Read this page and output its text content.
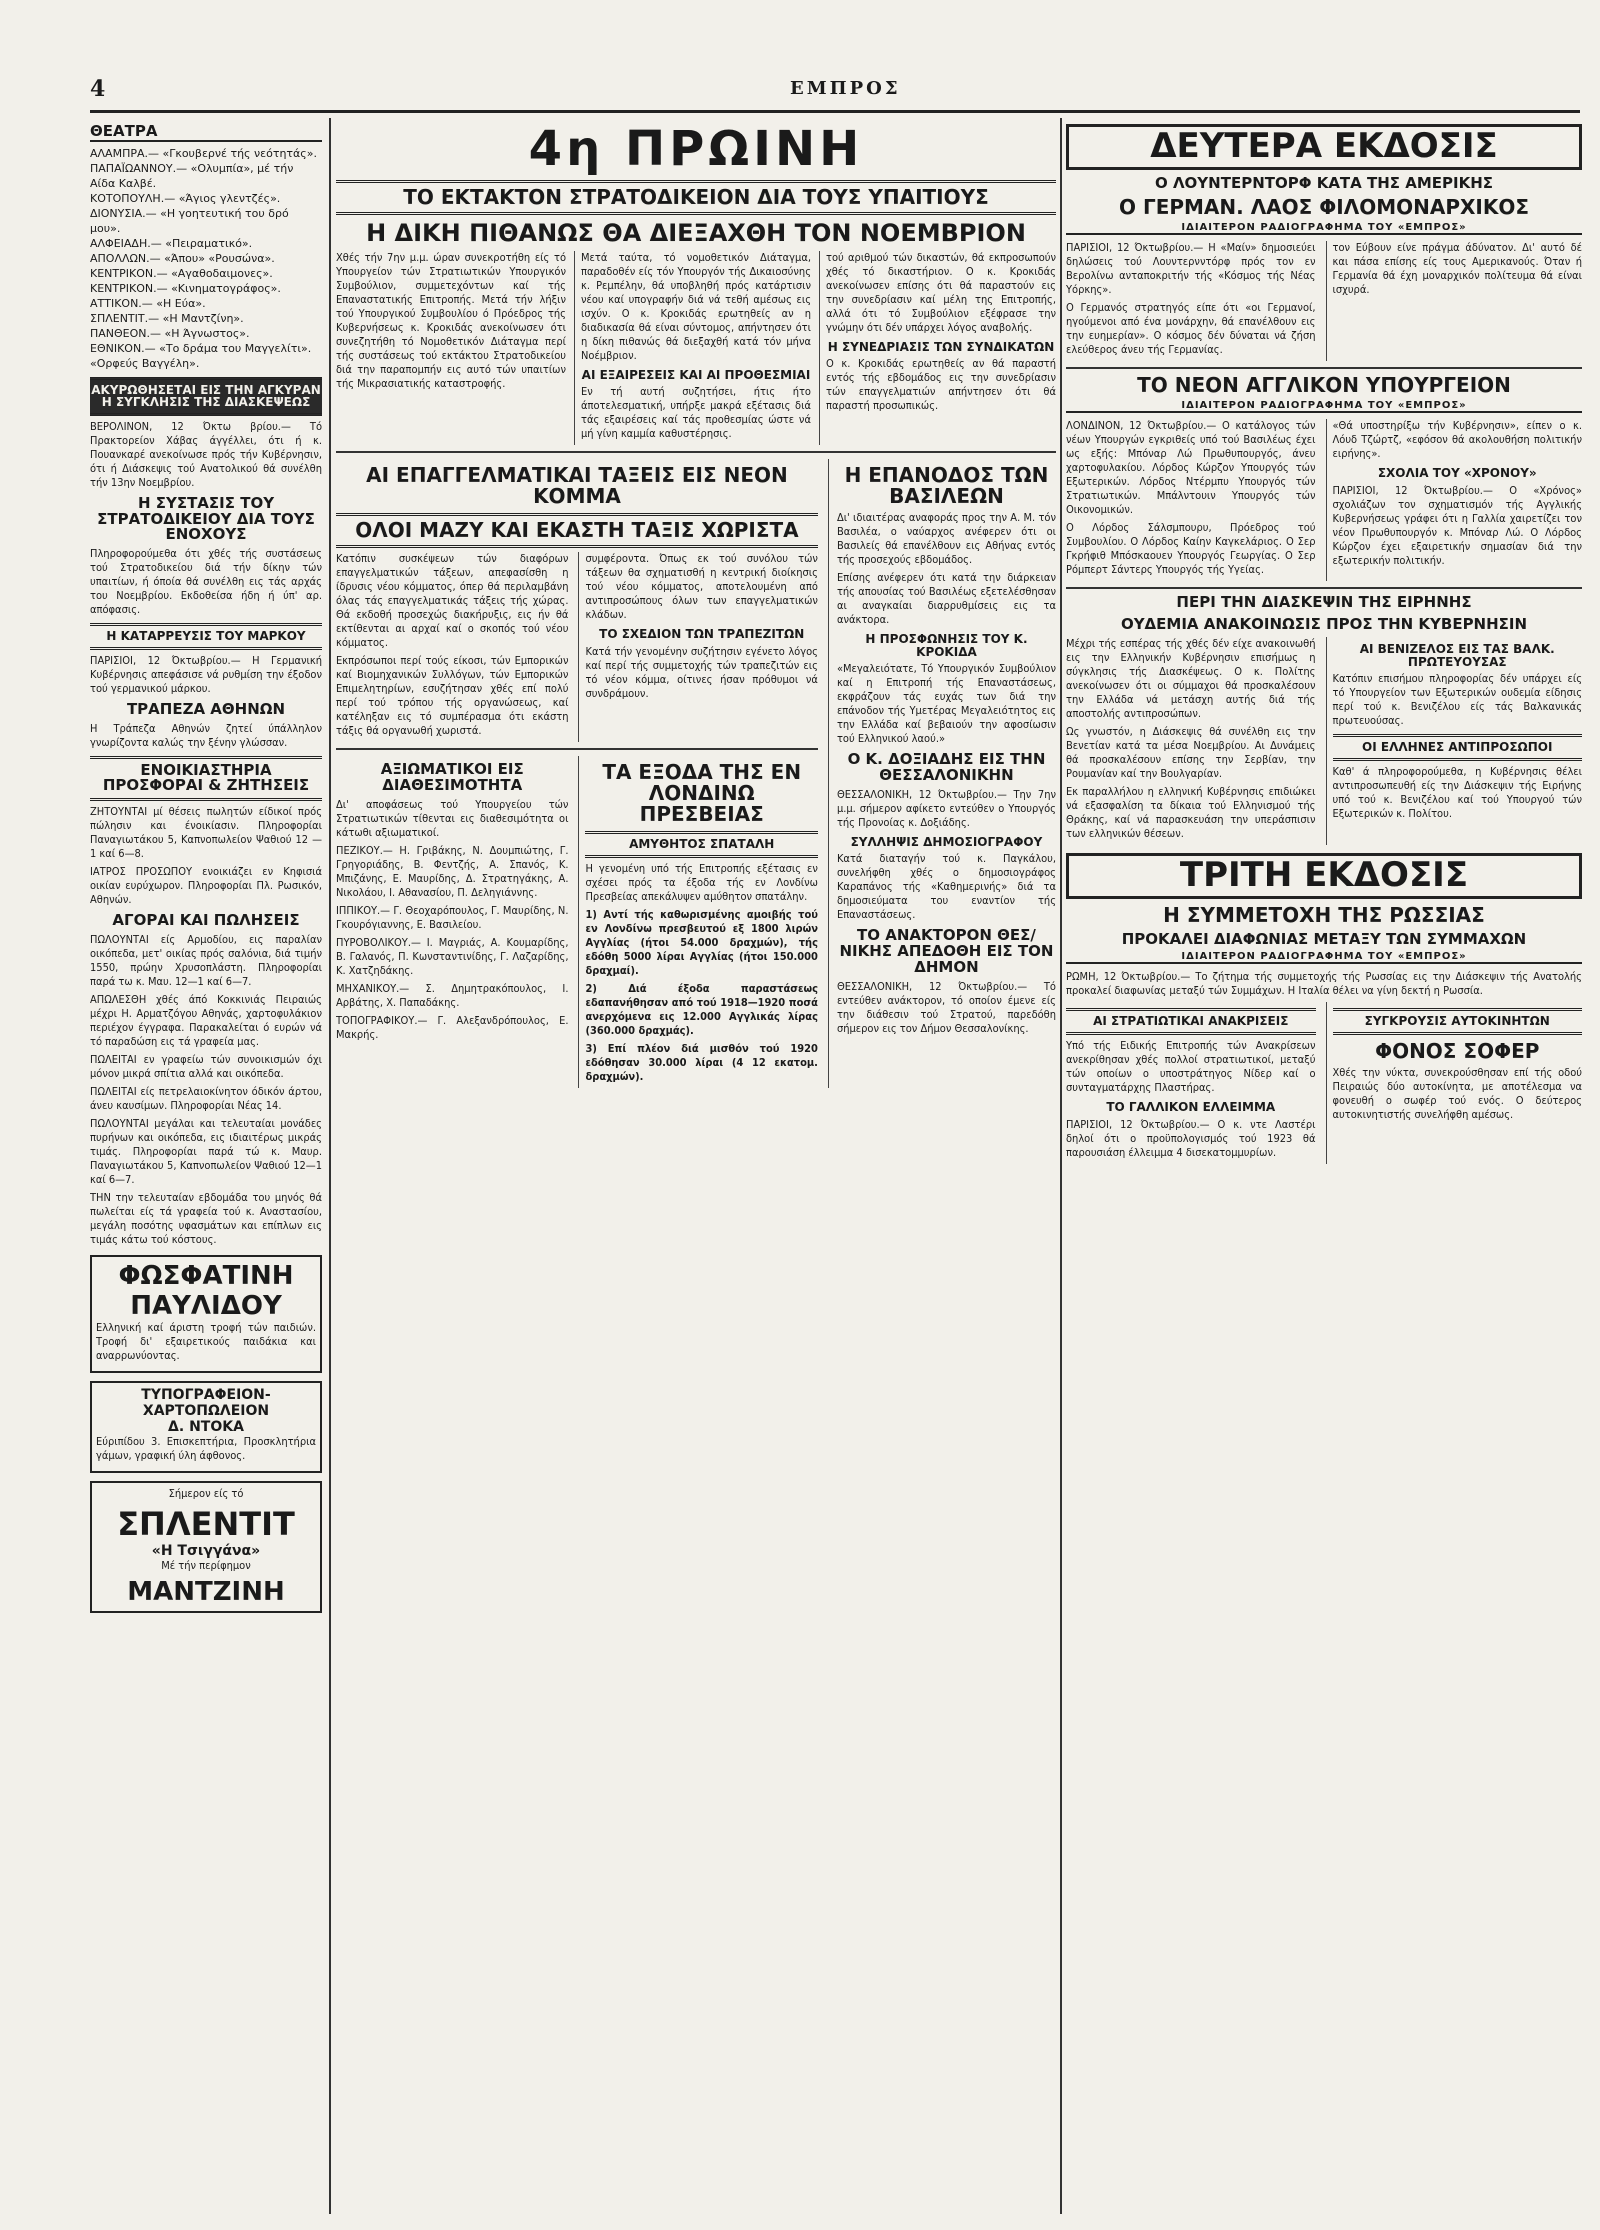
4	ΕΜΠΡΟΣ
ΘΕΑΤΡΑ

ΑΛΑΜΠΡΑ.— «Γκουβερνέ τής νεότητάς».

ΠΑΠΑΪΩΑΝΝΟΥ.— «Ολυμπία», μέ τήν Αίδα Καλβέ.

ΚΟΤΟΠΟΥΛΗ.— «Άγιος γλεντζές».

ΔΙΟΝΥΣΙΑ.— «Η γοητευτική του δρό μου».

ΑΛΦΕΙΑΔΗ.— «Πειραματικό».

ΑΠΟΛΛΩΝ.— «Άπου» «Ρουσώνα».

ΚΕΝΤΡΙΚΟΝ.— «Αγαθοδαιμονες».

ΚΕΝΤΡΙΚΟΝ.— «Κινηματογράφος».

ΑΤΤΙΚΟΝ.— «Η Εύα».

ΣΠΛΕΝΤΙΤ.— «Η Μαντζίνη».

ΠΑΝΘΕΟΝ.— «Η Άγνωστος».

ΕΘΝΙΚΟΝ.— «Το δράμα του Μαγγελίτι».

«Ορφεύς Βαγγέλη».

ΑΚΥΡΩΘΗΣΕΤΑΙ ΕΙΣ ΤΗΝ ΑΓΚΥΡΑΝ Η ΣΥΓΚΛΗΣΙΣ ΤΗΣ ΔΙΑΣΚΕΨΕΩΣ

ΒΕΡΟΛΙΝΟΝ, 12 Όκτω βρίου.— Τό Πρακτορείον Χάβας άγγέλλει, ότι ή κ. Πουανκαρέ ανεκοίνωσε πρός τήν Κυβέρνησιν, ότι ή Διάσκεψις τού Ανατολικού θά συνέλθη τήν 13ην Νοεμβρίου.

Η ΣΥΣΤΑΣΙΣ ΤΟΥ ΣΤΡΑΤΟΔΙΚΕΙΟΥ ΔΙΑ ΤΟΥΣ ΕΝΟΧΟΥΣ

Πληροφορούμεθα ότι χθές τής συστάσεως τού Στρατοδικείου διά τήν δίκην τών υπαιτίων, ή όποία θά συνέλθη εις τάς αρχάς του Νοεμβρίου. Εκδοθείσα ήδη ή ύπ' αρ. απόφασις.

Η ΚΑΤΑΡΡΕΥΣΙΣ ΤΟΥ ΜΑΡΚΟΥ

ΠΑΡΙΣΙΟΙ, 12 Όκτωβρίου.— Η Γερμανική Κυβέρνησις απεφάσισε νά ρυθμίση την έξοδον τού γερμανικού μάρκου.

ΤΡΑΠΕΖΑ ΑΘΗΝΩΝ

Η Τράπεζα Αθηνών ζητεί ύπάλληλον γνωρίζοντα καλώς την ξένην γλώσσαν.

ΕΝΟΙΚΙΑΣΤΗΡΙΑ ΠΡΟΣΦΟΡΑΙ & ΖΗΤΗΣΕΙΣ

ΖΗΤΟΥΝΤΑΙ μί θέσεις πωλητών είδικοί πρός πώλησιν και ένοικίασιν. Πληροφορίαι Παναγιωτάκου 5, Καπνοπωλείον Ψαθιού 12 —1 καί 6—8.

ΙΑΤΡΟΣ ΠΡΟΣΩΠΟΥ ενοικιάζει εν Κηφισιά οικίαν ευρύχωρον. Πληροφορίαι Πλ. Ρωσικόν, Αθηνών.

ΑΓΟΡΑΙ ΚΑΙ ΠΩΛΗΣΕΙΣ

ΠΩΛΟΥΝΤΑΙ είς Αρμοδίου, εις παραλίαν οικόπεδα, μετ' οικίας πρός σαλόνια, διά τιμήν 1550, πρώην Χρυσοπλάστη. Πληροφορίαι παρά τω κ. Μαυ. 12—1 καί 6—7.

ΑΠΩΛΕΣΘΗ χθές άπό Κοκκινιάς Πειραιώς μέχρι Η. Αρματζόγου Αθηνάς, χαρτοφυλάκιον περιέχον έγγραφα. Παρακαλείται ό ευρών νά τό παραδώση εις τά γραφεία μας.

ΠΩΛΕΙΤΑΙ εν γραφείω τών συνοικισμών όχι μόνον μικρά σπίτια αλλά και οικόπεδα.

ΠΩΛΕΙΤΑΙ είς πετρελαιοκίνητον όδικόν άρτου, άνευ καυσίμων. Πληροφορίαι Νέας 14.

ΠΩΛΟΥΝΤΑΙ μεγάλαι και τελευταίαι μονάδες πυρήνων και οικόπεδα, εις ιδιαιτέρως μικράς τιμάς. Πληροφορίαι παρά τώ κ. Μαυρ. Παναγιωτάκου 5, Καπνοπωλείον Ψαθιού 12—1 καί 6—7.

ΤΗΝ την τελευταίαν εβδομάδα του μηνός θά πωλείται είς τά γραφεία τού κ. Αναστασίου, μεγάλη ποσότης υφασμάτων και επίπλων εις τιμάς κάτω τού κόστους.

ΦΩΣΦΑΤΙΝΗ
ΠΑΥΛΙΔΟΥ

Ελληνική καί άριστη τροφή τών παιδιών. Τροφή δι' εξαιρετικούς παιδάκια και αναρρωνύοντας.

ΤΥΠΟΓΡΑΦΕΙΟΝ-ΧΑΡΤΟΠΩΛΕΙΟΝ
Δ. ΝΤΟΚΑ

Εύριπίδου 3. Επισκεπτήρια, Προσκλητήρια γάμων, γραφική ύλη άφθονος.

Σήμερον είς τό
ΣΠΛΕΝΤΙΤ
«Η Τσιγγάνα»
Μέ τήν περίφημον
ΜΑΝΤΖΙΝΗ
4η ΠΡΩΙΝΗ
ΤΟ ΕΚΤΑΚΤΟΝ ΣΤΡΑΤΟΔΙΚΕΙΟΝ ΔΙΑ ΤΟΥΣ ΥΠΑΙΤΙΟΥΣ
Η ΔΙΚΗ ΠΙΘΑΝΩΣ ΘΑ ΔΙΕΞΑΧΘΗ ΤΟΝ ΝΟΕΜΒΡΙΟΝ

Χθές τήν 7ην μ.μ. ώραν συνεκροτήθη είς τό Υπουργείον τών Στρατιωτικών Υπουργικόν Συμβούλιον, συμμετεχόντων καί τής Επαναστατικής Επιτροπής. Μετά τήν λήξιν τού Υπουργικού Συμβουλίου ό Πρόεδρος τής Κυβερνήσεως κ. Κροκιδάς ανεκοίνωσεν ότι συνεζητήθη τό Νομοθετικόν Διάταγμα περί τής συστάσεως τού εκτάκτου Στρατοδικείου διά την παραπομπήν εις αυτό τών υπαιτίων τής Μικρασιατικής καταστροφής.

Μετά ταύτα, τό νομοθετικόν Διάταγμα, παραδοθέν είς τόν Υπουργόν τής Δικαιοσύνης κ. Ρεμπέλην, θά υποβληθή πρός κατάρτισιν νέου καί υπογραφήν διά νά τεθή αμέσως εις ισχύν. Ο κ. Κροκιδάς ερωτηθείς αν η διαδικασία θά είναι σύντομος, απήντησεν ότι η δίκη πιθανώς θά διεξαχθή κατά τόν μήνα Νοέμβριον.

ΑΙ ΕΞΑΙΡΕΣΕΙΣ ΚΑΙ ΑΙ ΠΡΟΘΕΣΜΙΑΙ

Εν τή αυτή συζητήσει, ήτις ήτο άποτελεσματική, υπήρξε μακρά εξέτασις διά τάς εξαιρέσεις καί τάς προθεσμίας ώστε νά μή γίνη καμμία καθυστέρησις.

τού αριθμού τών δικαστών, θά εκπροσωπούν χθές τό δικαστήριον. Ο κ. Κροκιδάς ανεκοίνωσεν επίσης ότι θά παραστούν εις την συνεδρίασιν καί μέλη της Επιτροπής, αλλά ότι τό Συμβούλιον εξέφρασε την γνώμην ότι δέν υπάρχει λόγος αναβολής.

Η ΣΥΝΕΔΡΙΑΣΙΣ ΤΩΝ ΣΥΝΔΙΚΑΤΩΝ

Ο κ. Κροκιδάς ερωτηθείς αν θά παραστή εντός τής εβδομάδος εις την συνεδρίασιν τών επαγγελματιών απήντησεν ότι θά παραστή προσωπικώς.

ΑΙ ΕΠΑΓΓΕΛΜΑΤΙΚΑΙ ΤΑΞΕΙΣ ΕΙΣ ΝΕΟΝ ΚΟΜΜΑ
ΟΛΟΙ ΜΑΖΥ ΚΑΙ ΕΚΑΣΤΗ ΤΑΞΙΣ ΧΩΡΙΣΤΑ

Κατόπιν συσκέψεων τών διαφόρων επαγγελματικών τάξεων, απεφασίσθη η ίδρυσις νέου κόμματος, όπερ θά περιλαμβάνη όλας τάς επαγγελματικάς τάξεις τής χώρας. Θά εκδοθή προσεχώς διακήρυξις, εις ήν θά εκτίθενται αι αρχαί καί ο σκοπός τού νέου κόμματος.

Εκπρόσωποι περί τούς είκοσι, τών Εμπορικών καί Βιομηχανικών Συλλόγων, τών Εμπορικών Επιμελητηρίων, εσυζήτησαν χθές επί πολύ περί τού τρόπου τής οργανώσεως, καί κατέληξαν εις τό συμπέρασμα ότι εκάστη τάξις θά οργανωθή χωριστά.

συμφέροντα. Όπως εκ τού συνόλου τών τάξεων θα σχηματισθή η κεντρική διοίκησις τού νέου κόμματος, αποτελουμένη από αντιπροσώπους όλων των επαγγελματικών κλάδων.

ΤΟ ΣΧΕΔΙΟΝ ΤΩΝ ΤΡΑΠΕΖΙΤΩΝ

Κατά τήν γενομένην συζήτησιν εγένετο λόγος καί περί τής συμμετοχής τών τραπεζιτών εις τό νέον κόμμα, οίτινες ήσαν πρόθυμοι νά συνδράμουν.

ΑΞΙΩΜΑΤΙΚΟΙ ΕΙΣ ΔΙΑΘΕΣΙΜΟΤΗΤΑ

Δι' αποφάσεως τού Υπουργείου τών Στρατιωτικών τίθενται εις διαθεσιμότητα οι κάτωθι αξιωματικοί.

ΠΕΖΙΚΟΥ.— Η. Γριβάκης, Ν. Δουμπιώτης, Γ. Γρηγοριάδης, Β. Φεντζής, Α. Σπανός, Κ. Μπιζάνης, Ε. Μαυρίδης, Δ. Στρατηγάκης, Α. Νικολάου, Ι. Αθανασίου, Π. Δεληγιάννης.

ΙΠΠΙΚΟΥ.— Γ. Θεοχαρόπουλος, Γ. Μαυρίδης, Ν. Γκουρόγιαννης, Ε. Βασιλείου.

ΠΥΡΟΒΟΛΙΚΟΥ.— Ι. Μαγριάς, Α. Κουμαρίδης, Β. Γαλανός, Π. Κωνσταντινίδης, Γ. Λαζαρίδης, Κ. Χατζηδάκης.

ΜΗΧΑΝΙΚΟΥ.— Σ. Δημητρακόπουλος, Ι. Αρβάτης, Χ. Παπαδάκης.

ΤΟΠΟΓΡΑΦΙΚΟΥ.— Γ. Αλεξανδρόπουλος, Ε. Μακρής.

ΤΑ ΕΞΟΔΑ ΤΗΣ ΕΝ ΛΟΝΔΙΝΩ ΠΡΕΣΒΕΙΑΣ
ΑΜΥΘΗΤΟΣ ΣΠΑΤΑΛΗ

Η γενομένη υπό τής Επιτροπής εξέτασις εν σχέσει πρός τα έξοδα τής εν Λονδίνω Πρεσβείας απεκάλυψεν αμύθητον σπατάλην.

1) Αντί τής καθωρισμένης αμοιβής τού εν Λονδίνω πρεσβευτού εξ 1800 λιρών Αγγλίας (ήτοι 54.000 δραχμών), τής εδόθη 5000 λίραι Αγγλίας (ήτοι 150.000 δραχμαί).

2) Διά έξοδα παραστάσεως εδαπανήθησαν από τού 1918—1920 ποσά ανερχόμενα εις 12.000 Αγγλικάς λίρας (360.000 δραχμάς).

3) Επί πλέον διά μισθόν τού 1920 εδόθησαν 30.000 λίραι (4 12 εκατομ. δραχμών).

Η ΕΠΑΝΟΔΟΣ ΤΩΝ ΒΑΣΙΛΕΩΝ

Δι' ιδιαιτέρας αναφοράς προς την Α. Μ. τόν Βασιλέα, ο ναύαρχος ανέφερεν ότι οι Βασιλείς θά επανέλθουν εις Αθήνας εντός τής προσεχούς εβδομάδος.

Επίσης ανέφερεν ότι κατά την διάρκειαν τής απουσίας τού Βασιλέως εξετελέσθησαν αι αναγκαίαι διαρρυθμίσεις εις τα ανάκτορα.

Η ΠΡΟΣΦΩΝΗΣΙΣ ΤΟΥ Κ. ΚΡΟΚΙΔΑ

«Μεγαλειότατε, Τό Υπουργικόν Συμβούλιον καί η Επιτροπή τής Επαναστάσεως, εκφράζουν τάς ευχάς των διά την επάνοδον τής Υμετέρας Μεγαλειότητος εις την Ελλάδα καί βεβαιούν την αφοσίωσιν τού Ελληνικού λαού.»

Ο Κ. ΔΟΞΙΑΔΗΣ ΕΙΣ ΤΗΝ ΘΕΣΣΑΛΟΝΙΚΗΝ

ΘΕΣΣΑΛΟΝΙΚΗ, 12 Όκτωβρίου.— Την 7ην μ.μ. σήμερον αφίκετο εντεύθεν ο Υπουργός τής Προνοίας κ. Δοξιάδης.

ΣΥΛΛΗΨΙΣ ΔΗΜΟΣΙΟΓΡΑΦΟΥ

Κατά διαταγήν τού κ. Παγκάλου, συνελήφθη χθές ο δημοσιογράφος Καραπάνος τής «Καθημερινής» διά τα δημοσιεύματα του εναντίον τής Επαναστάσεως.

ΤΟ ΑΝΑΚΤΟΡΟΝ ΘΕΣ/ΝΙΚΗΣ ΑΠΕΔΟΘΗ ΕΙΣ ΤΟΝ ΔΗΜΟΝ

ΘΕΣΣΑΛΟΝΙΚΗ, 12 Όκτωβρίου.— Τό εντεύθεν ανάκτορον, τό οποίον έμενε είς την διάθεσιν τού Στρατού, παρεδόθη σήμερον εις τον Δήμον Θεσσαλονίκης.

ΔΕΥΤΕΡΑ ΕΚΔΟΣΙΣ
Ο ΛΟΥΝΤΕΡΝΤΟΡΦ ΚΑΤΑ ΤΗΣ ΑΜΕΡΙΚΗΣ
Ο ΓΕΡΜΑΝ. ΛΑΟΣ ΦΙΛΟΜΟΝΑΡΧΙΚΟΣ
ΙΔΙΑΙΤΕΡΟΝ ΡΑΔΙΟΓΡΑΦΗΜΑ ΤΟΥ «ΕΜΠΡΟΣ»

ΠΑΡΙΣΙΟΙ, 12 Όκτωβρίου.— Η «Μαίν» δημοσιεύει δηλώσεις τού Λουντερνντόρφ πρός τον εν Βερολίνω ανταποκριτήν τής «Κόσμος τής Νέας Υόρκης».

Ο Γερμανός στρατηγός είπε ότι «οι Γερμανοί, ηγούμενοι από ένα μονάρχην, θά επανέλθουν εις την ευημερίαν». Ο κόσμος δέν δύναται νά ζήση ελεύθερος άνευ τής Γερμανίας.

τον Εύβουν είνε πράγμα άδύνατον. Δι' αυτό δέ και πάσα επίσης είς τους Αμερικανούς. Όταν ή Γερμανία θά έχη μοναρχικόν πολίτευμα θά είναι ισχυρά.

ΤΟ ΝΕΟΝ ΑΓΓΛΙΚΟΝ ΥΠΟΥΡΓΕΙΟΝ
ΙΔΙΑΙΤΕΡΟΝ ΡΑΔΙΟΓΡΑΦΗΜΑ ΤΟΥ «ΕΜΠΡΟΣ»

ΛΟΝΔΙΝΟΝ, 12 Όκτωβρίου.— Ο κατάλογος τών νέων Υπουργών εγκριθείς υπό τού Βασιλέως έχει ως εξής: Μπόναρ Λώ Πρωθυπουργός, άνευ χαρτοφυλακίου. Λόρδος Κώρζον Υπουργός τών Εξωτερικών. Λόρδος Ντέρμπυ Υπουργός τών Στρατιωτικών. Μπάλντουιν Υπουργός τών Οικονομικών.

Ο Λόρδος Σάλσμπουρυ, Πρόεδρος τού Συμβουλίου. Ο Λόρδος Καίην Καγκελάριος. Ο Σερ Γκρήφιθ Μπόσκαουεν Υπουργός Γεωργίας. Ο Σερ Ρόμπερτ Σάντερς Υπουργός τής Υγείας.

«Θά υποστηρίξω τήν Κυβέρνησιν», είπεν ο κ. Λόυδ Τζώρτζ, «εφόσον θά ακολουθήση πολιτικήν ειρήνης».

ΣΧΟΛΙΑ ΤΟΥ «ΧΡΟΝΟΥ»

ΠΑΡΙΣΙΟΙ, 12 Όκτωβρίου.— Ο «Χρόνος» σχολιάζων τον σχηματισμόν τής Αγγλικής Κυβερνήσεως γράφει ότι η Γαλλία χαιρετίζει τον νέον Πρωθυπουργόν κ. Μπόναρ Λώ. Ο Λόρδος Κώρζον έχει εξαιρετικήν σημασίαν διά την εξωτερικήν πολιτικήν.

ΠΕΡΙ ΤΗΝ ΔΙΑΣΚΕΨΙΝ ΤΗΣ ΕΙΡΗΝΗΣ
ΟΥΔΕΜΙΑ ΑΝΑΚΟΙΝΩΣΙΣ ΠΡΟΣ ΤΗΝ ΚΥΒΕΡΝΗΣΙΝ

Μέχρι τής εσπέρας τής χθές δέν είχε ανακοινωθή εις την Ελληνικήν Κυβέρνησιν επισήμως η σύγκλησις τής Διασκέψεως. Ο κ. Πολίτης ανεκοίνωσεν ότι οι σύμμαχοι θά προσκαλέσουν την Ελλάδα νά μετάσχη αυτής διά τής αποστολής αντιπροσώπων.

Ως γνωστόν, η Διάσκεψις θά συνέλθη εις την Βενετίαν κατά τα μέσα Νοεμβρίου. Αι Δυνάμεις θά προσκαλέσουν επίσης την Σερβίαν, την Ρουμανίαν καί την Βουλγαρίαν.

Εκ παραλλήλου η ελληνική Κυβέρνησις επιδιώκει νά εξασφαλίση τα δίκαια τού Ελληνισμού τής Θράκης, καί νά παρασκευάση την υπεράσπισιν των ελληνικών θέσεων.

ΑΙ ΒΕΝΙΖΕΛΟΣ ΕΙΣ ΤΑΣ ΒΑΛΚ. ΠΡΩΤΕΥΟΥΣΑΣ

Κατόπιν επισήμου πληροφορίας δέν υπάρχει είς τό Υπουργείον των Εξωτερικών ουδεμία είδησις περί τού κ. Βενιζέλου είς τάς Βαλκανικάς πρωτευούσας.

ΟΙ ΕΛΛΗΝΕΣ ΑΝΤΙΠΡΟΣΩΠΟΙ

Καθ' ά πληροφορούμεθα, η Κυβέρνησις θέλει αντιπροσωπευθή είς την Διάσκεψιν τής Ειρήνης υπό τού κ. Βενιζέλου καί τού Υπουργού τών Εξωτερικών κ. Πολίτου.

ΤΡΙΤΗ ΕΚΔΟΣΙΣ
Η ΣΥΜΜΕΤΟΧΗ ΤΗΣ ΡΩΣΣΙΑΣ
ΠΡΟΚΑΛΕΙ ΔΙΑΦΩΝΙΑΣ ΜΕΤΑΞΥ ΤΩΝ ΣΥΜΜΑΧΩΝ
ΙΔΙΑΙΤΕΡΟΝ ΡΑΔΙΟΓΡΑΦΗΜΑ ΤΟΥ «ΕΜΠΡΟΣ»

ΡΩΜΗ, 12 Όκτωβρίου.— Το ζήτημα τής συμμετοχής τής Ρωσσίας εις την Διάσκεψιν τής Ανατολής προκαλεί διαφωνίας μεταξύ τών Συμμάχων. Η Ιταλία θέλει να γίνη δεκτή η Ρωσσία.

ΑΙ ΣΤΡΑΤΙΩΤΙΚΑΙ ΑΝΑΚΡΙΣΕΙΣ

Υπό τής Ειδικής Επιτροπής τών Ανακρίσεων ανεκρίθησαν χθές πολλοί στρατιωτικοί, μεταξύ τών οποίων ο υποστράτηγος Νίδερ καί ο συνταγματάρχης Πλαστήρας.

ΤΟ ΓΑΛΛΙΚΟΝ ΕΛΛΕΙΜΜΑ

ΠΑΡΙΣΙΟΙ, 12 Όκτωβρίου.— Ο κ. ντε Λαστέρι δηλοί ότι ο προϋπολογισμός τού 1923 θά παρουσιάση έλλειμμα 4 δισεκατομμυρίων.

ΣΥΓΚΡΟΥΣΙΣ ΑΥΤΟΚΙΝΗΤΩΝ
ΦΟΝΟΣ ΣΟΦΕΡ

Χθές την νύκτα, συνεκρούσθησαν επί τής οδού Πειραιώς δύο αυτοκίνητα, με αποτέλεσμα να φονευθή ο σωφέρ τού ενός. Ο δεύτερος αυτοκινητιστής συνελήφθη αμέσως.
